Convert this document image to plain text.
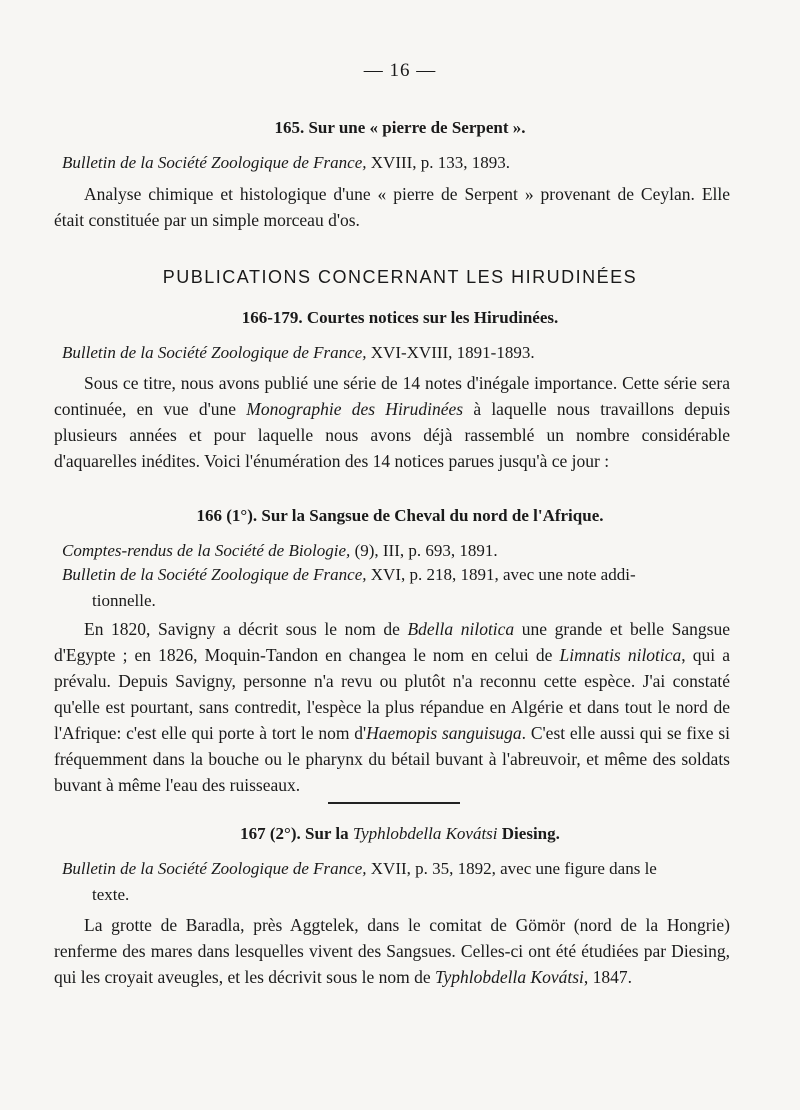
— 16 —
165. Sur une « pierre de Serpent ».
Bulletin de la Société Zoologique de France, XVIII, p. 133, 1893.
Analyse chimique et histologique d'une « pierre de Serpent » provenant de Ceylan. Elle était constituée par un simple morceau d'os.
PUBLICATIONS CONCERNANT LES HIRUDINÉES
166-179. Courtes notices sur les Hirudinées.
Bulletin de la Société Zoologique de France, XVI-XVIII, 1891-1893.
Sous ce titre, nous avons publié une série de 14 notes d'inégale importance. Cette série sera continuée, en vue d'une Monographie des Hirudinées à laquelle nous travaillons depuis plusieurs années et pour laquelle nous avons déjà rassemblé un nombre considérable d'aquarelles inédites. Voici l'énumération des 14 notices parues jusqu'à ce jour :
166 (1°). Sur la Sangsue de Cheval du nord de l'Afrique.
Comptes-rendus de la Société de Biologie, (9), III, p. 693, 1891.
Bulletin de la Société Zoologique de France, XVI, p. 218, 1891, avec une note addi-
tionnelle.
En 1820, Savigny a décrit sous le nom de Bdella nilotica une grande et belle Sangsue d'Egypte ; en 1826, Moquin-Tandon en changea le nom en celui de Limnatis nilotica, qui a prévalu. Depuis Savigny, personne n'a revu ou plutôt n'a reconnu cette espèce. J'ai constaté qu'elle est pourtant, sans contredit, l'espèce la plus répandue en Algérie et dans tout le nord de l'Afrique: c'est elle qui porte à tort le nom d'Haemopis sanguisuga. C'est elle aussi qui se fixe si fréquemment dans la bouche ou le pharynx du bétail buvant à l'abreuvoir, et même des soldats buvant à même l'eau des ruisseaux.
167 (2°). Sur la Typhlobdella Kovátsi Diesing.
Bulletin de la Société Zoologique de France, XVII, p. 35, 1892, avec une figure dans le
texte.
La grotte de Baradla, près Aggtelek, dans le comitat de Gömör (nord de la Hongrie) renferme des mares dans lesquelles vivent des Sangsues. Celles-ci ont été étudiées par Diesing, qui les croyait aveugles, et les décrivit sous le nom de Typhlobdella Kovátsi, 1847.
